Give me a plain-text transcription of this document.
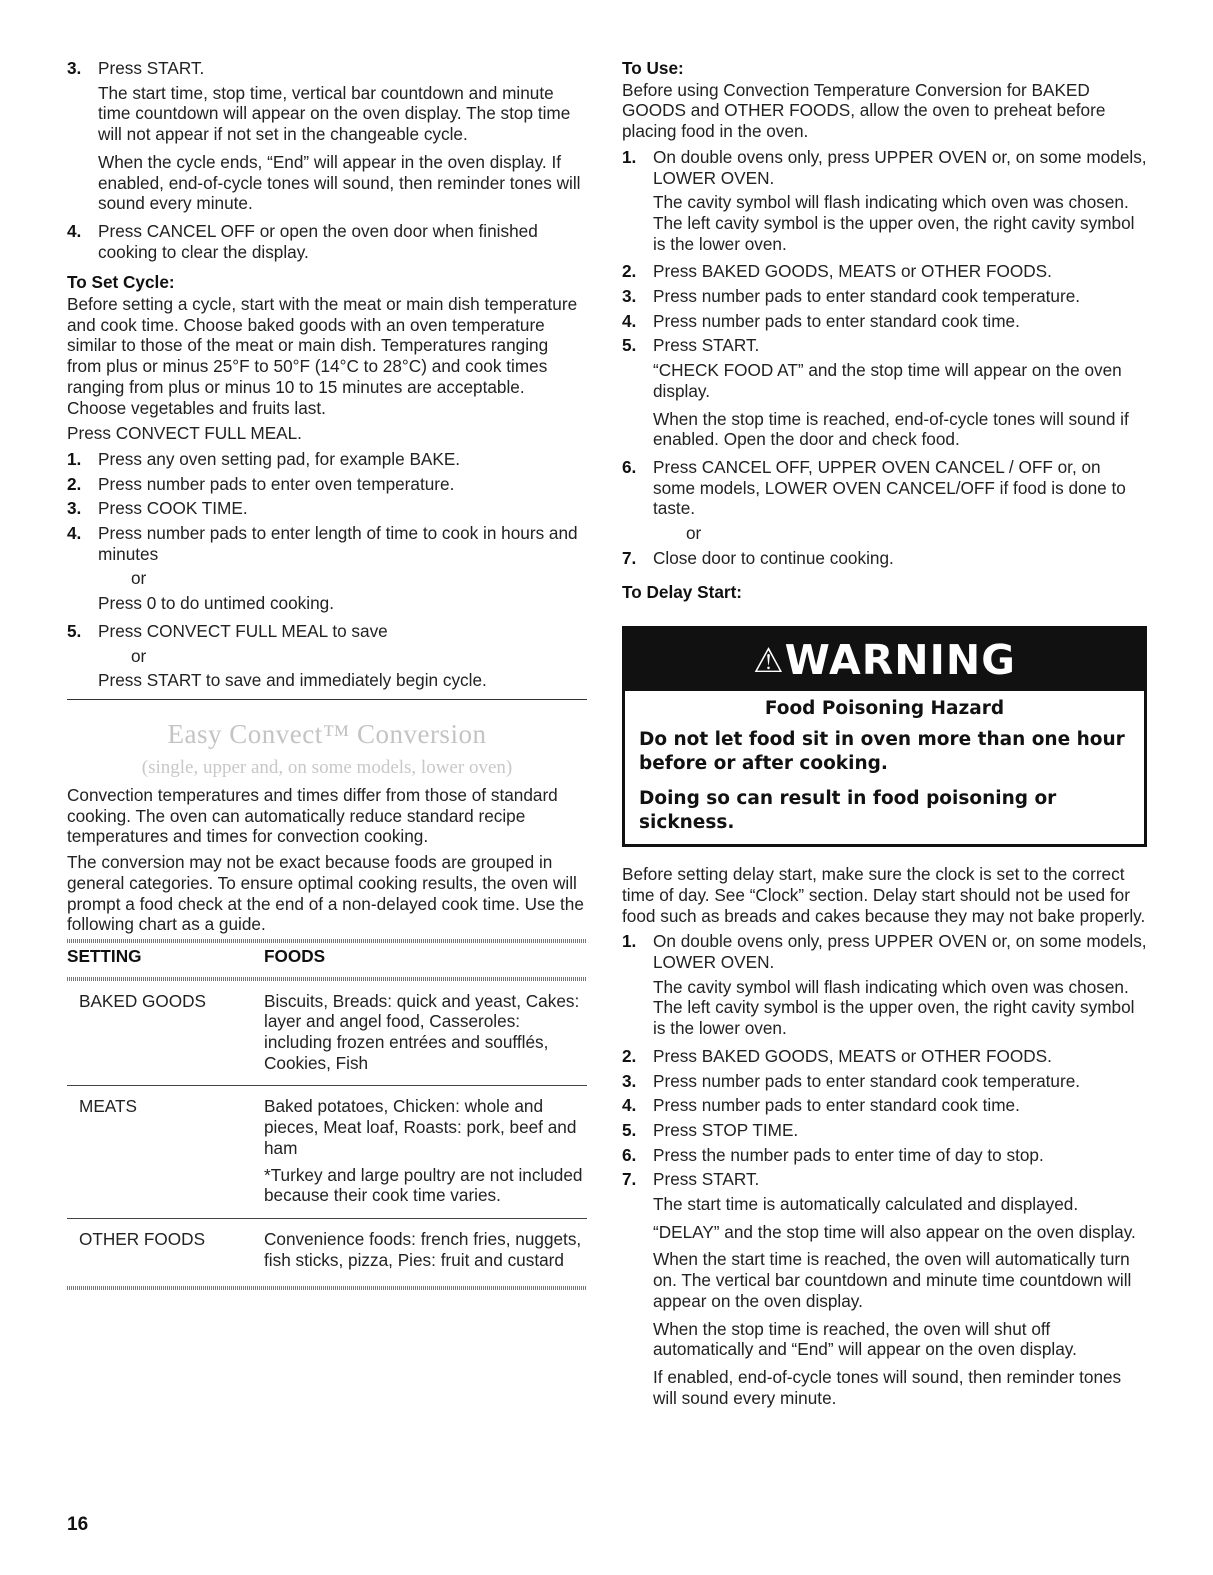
3. Press START.

The start time, stop time, vertical bar countdown and minute time countdown will appear on the oven display. The stop time will not appear if not set in the changeable cycle.

When the cycle ends, “End” will appear in the oven display. If enabled, end-of-cycle tones will sound, then reminder tones will sound every minute.

4. Press CANCEL OFF or open the oven door when finished cooking to clear the display.

To Set Cycle:

Before setting a cycle, start with the meat or main dish temperature and cook time. Choose baked goods with an oven temperature similar to those of the meat or main dish. Temperatures ranging from plus or minus 25°F to 50°F (14°C to 28°C) and cook times ranging from plus or minus 10 to 15 minutes are acceptable. Choose vegetables and fruits last.

Press CONVECT FULL MEAL.

1. Press any oven setting pad, for example BAKE.
2. Press number pads to enter oven temperature.
3. Press COOK TIME.
4. Press number pads to enter length of time to cook in hours and minutes

or

Press 0 to do untimed cooking.

5. Press CONVECT FULL MEAL to save

or

Press START to save and immediately begin cycle.

Easy Convect™ Conversion
(single, upper and, on some models, lower oven)

Convection temperatures and times differ from those of standard cooking. The oven can automatically reduce standard recipe temperatures and times for convection cooking.

The conversion may not be exact because foods are grouped in general categories. To ensure optimal cooking results, the oven will prompt a food check at the end of a non-delayed cook time. Use the following chart as a guide.

SETTING	FOODS

BAKED GOODS	Biscuits, Breads: quick and yeast, Cakes: layer and angel food, Casseroles: including frozen entrées and soufflés, Cookies, Fish
MEATS	Baked potatoes, Chicken: whole and pieces, Meat loaf, Roasts: pork, beef and ham
*Turkey and large poultry are not included because their cook time varies.

OTHER FOODS	Convenience foods: french fries, nuggets, fish sticks, pizza, Pies: fruit and custard

To Use:

Before using Convection Temperature Conversion for BAKED GOODS and OTHER FOODS, allow the oven to preheat before placing food in the oven.

1. On double ovens only, press UPPER OVEN or, on some models, LOWER OVEN.

The cavity symbol will flash indicating which oven was chosen. The left cavity symbol is the upper oven, the right cavity symbol is the lower oven.

2. Press BAKED GOODS, MEATS or OTHER FOODS.
3. Press number pads to enter standard cook temperature.
4. Press number pads to enter standard cook time.
5. Press START.

“CHECK FOOD AT” and the stop time will appear on the oven display.

When the stop time is reached, end-of-cycle tones will sound if enabled. Open the door and check food.

6. Press CANCEL OFF, UPPER OVEN CANCEL / OFF or, on some models, LOWER OVEN CANCEL/OFF if food is done to taste.

or

7. Close door to continue cooking.

To Delay Start:

⚠WARNING
Food Poisoning Hazard
Do not let food sit in oven more than one hour before or after cooking.
Doing so can result in food poisoning or sickness.

Before setting delay start, make sure the clock is set to the correct time of day. See “Clock” section. Delay start should not be used for food such as breads and cakes because they may not bake properly.

1. On double ovens only, press UPPER OVEN or, on some models, LOWER OVEN.

The cavity symbol will flash indicating which oven was chosen. The left cavity symbol is the upper oven, the right cavity symbol is the lower oven.

2. Press BAKED GOODS, MEATS or OTHER FOODS.
3. Press number pads to enter standard cook temperature.
4. Press number pads to enter standard cook time.
5. Press STOP TIME.
6. Press the number pads to enter time of day to stop.
7. Press START.

The start time is automatically calculated and displayed.

“DELAY” and the stop time will also appear on the oven display.

When the start time is reached, the oven will automatically turn on. The vertical bar countdown and minute time countdown will appear on the oven display.

When the stop time is reached, the oven will shut off automatically and “End” will appear on the oven display.

If enabled, end-of-cycle tones will sound, then reminder tones will sound every minute.

16
